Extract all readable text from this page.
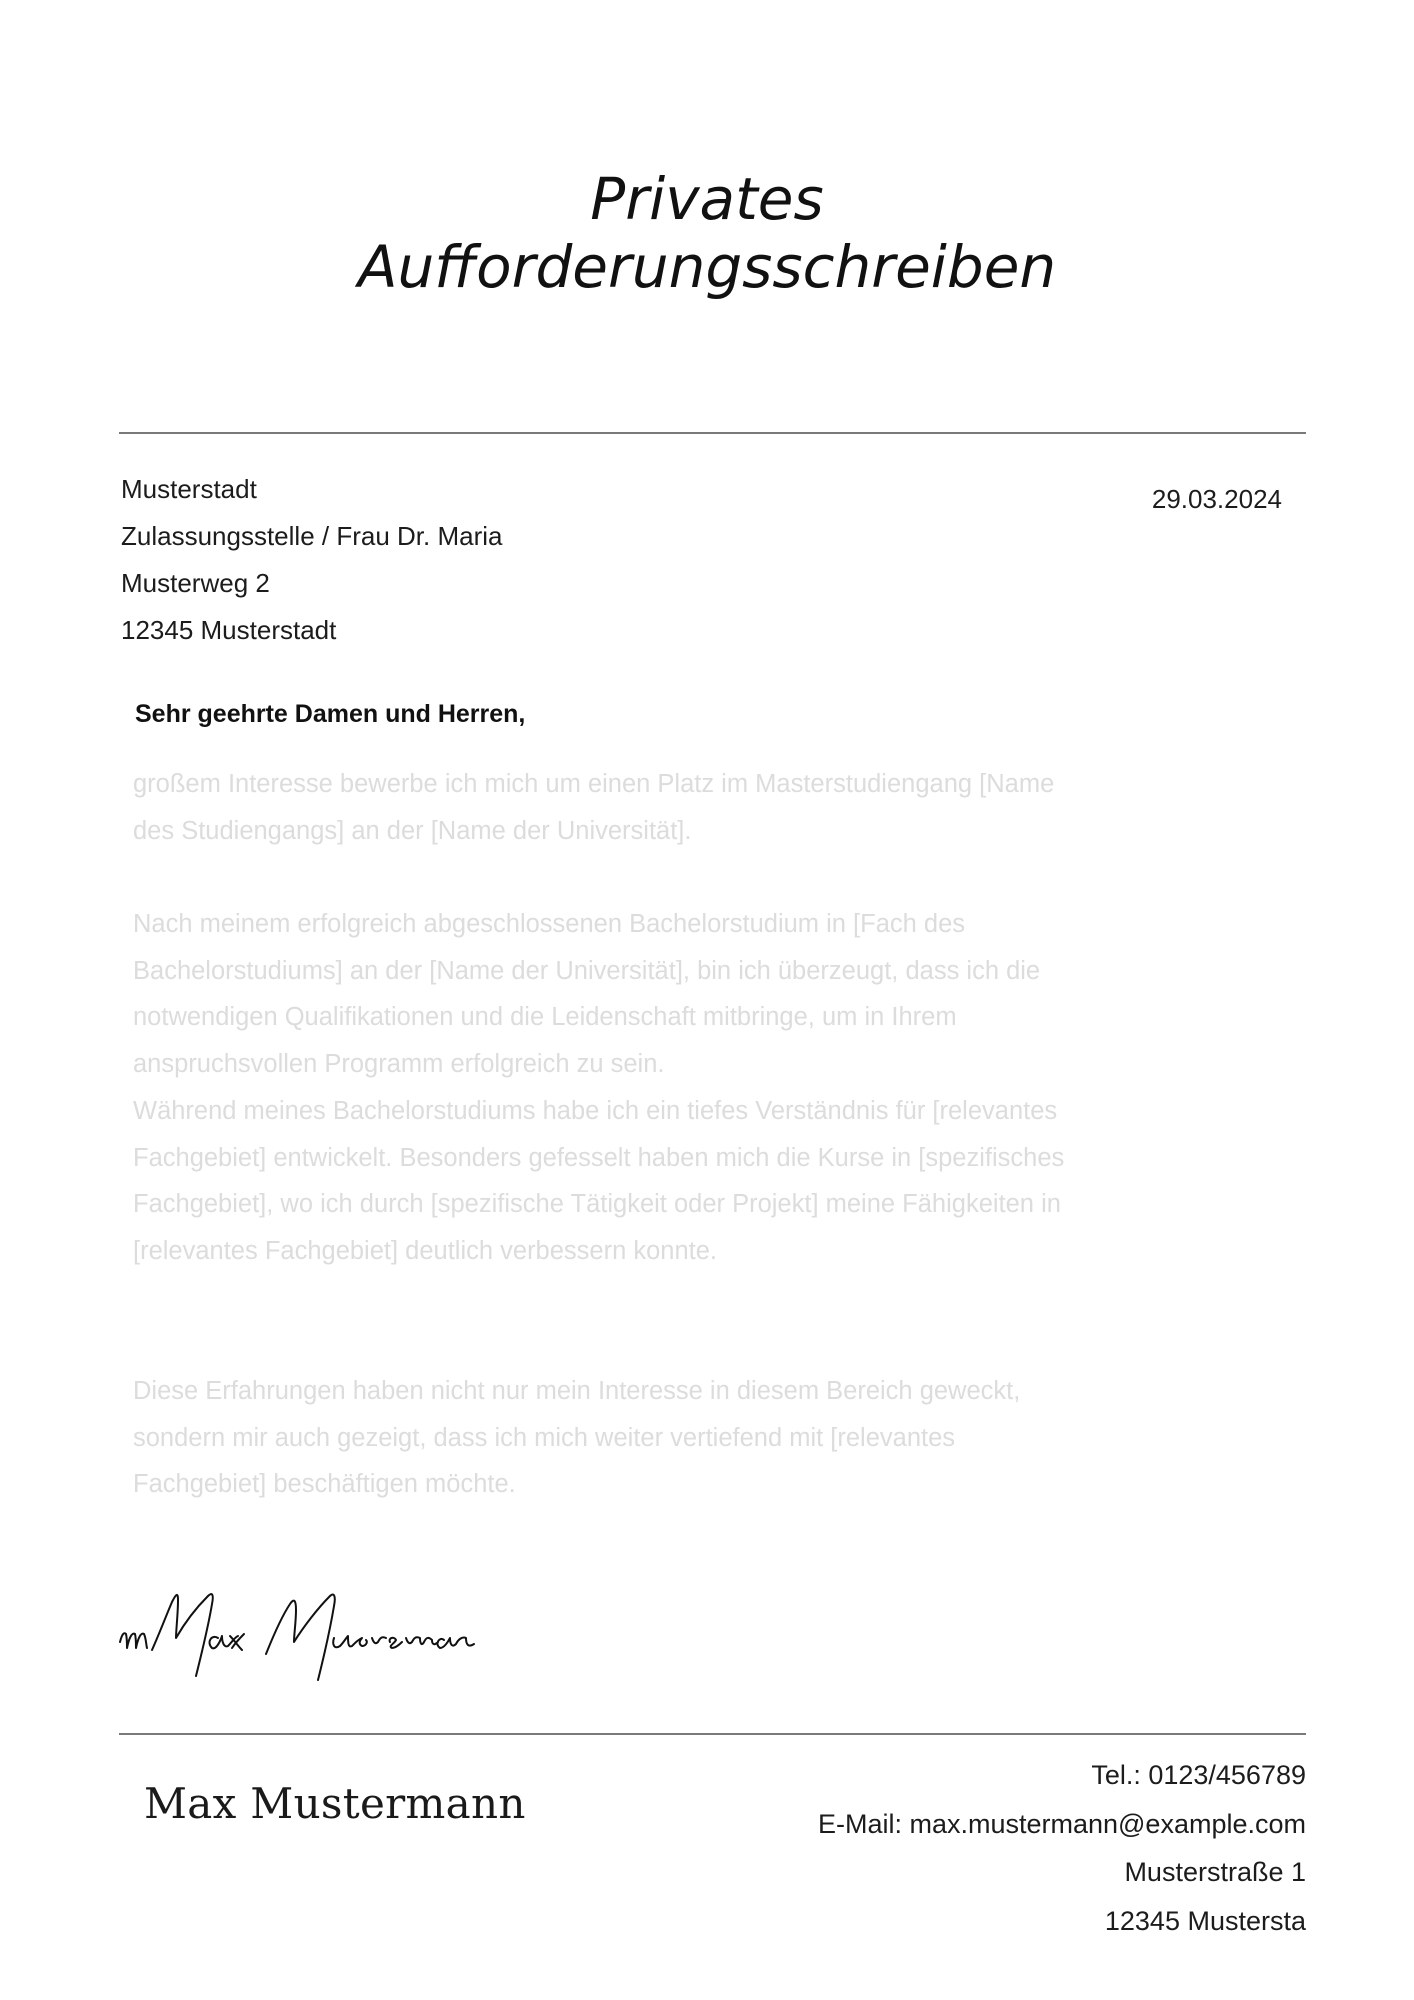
Privates
Aufforderungsschreiben
Musterstadt
Zulassungsstelle / Frau Dr. Maria
Musterweg 2
12345 Musterstadt
29.03.2024
Sehr geehrte Damen und Herren,
großem Interesse bewerbe ich mich um einen Platz im Masterstudiengang [Name
des Studiengangs] an der [Name der Universität].
Nach meinem erfolgreich abgeschlossenen Bachelorstudium in [Fach des
Bachelorstudiums] an der [Name der Universität], bin ich überzeugt, dass ich die
notwendigen Qualifikationen und die Leidenschaft mitbringe, um in Ihrem
anspruchsvollen Programm erfolgreich zu sein.
Während meines Bachelorstudiums habe ich ein tiefes Verständnis für [relevantes
Fachgebiet] entwickelt. Besonders gefesselt haben mich die Kurse in [spezifisches
Fachgebiet], wo ich durch [spezifische Tätigkeit oder Projekt] meine Fähigkeiten in
[relevantes Fachgebiet] deutlich verbessern konnte.
Diese Erfahrungen haben nicht nur mein Interesse in diesem Bereich geweckt,
sondern mir auch gezeigt, dass ich mich weiter vertiefend mit [relevantes
Fachgebiet] beschäftigen möchte.
Max Mustermann
Tel.: 0123/456789
E-Mail: max.mustermann@example.com
Musterstraße 1
12345 Mustersta
